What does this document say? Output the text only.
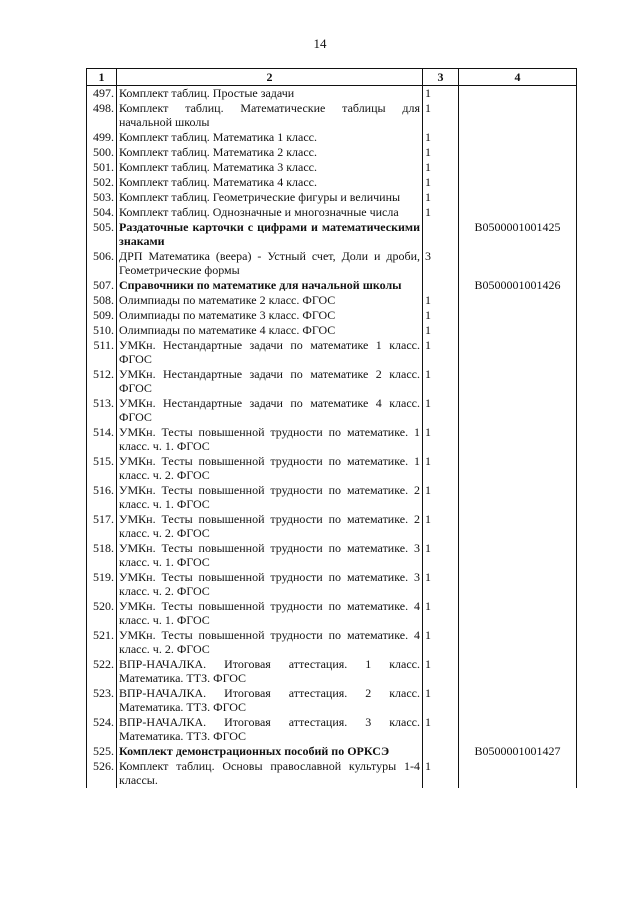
14
1	2	3	4
497.	Комплект таблиц. Простые задачи	1	
498.	Комплект таблиц. Математические таблицы для начальной школы	1	
499.	Комплект таблиц. Математика 1 класс.	1	
500.	Комплект таблиц. Математика 2 класс.	1	
501.	Комплект таблиц. Математика 3 класс.	1	
502.	Комплект таблиц. Математика 4 класс.	1	
503.	Комплект таблиц. Геометрические фигуры и величины	1	
504.	Комплект таблиц. Однозначные и многозначные числа	1	
505.	Раздаточные карточки с цифрами и математическими знаками		B0500001001425
506.	ДРП Математика (веера) - Устный счет, Доли и дроби, Геометрические формы	3	
507.	Справочники по математике для начальной школы		B0500001001426
508.	Олимпиады по математике 2 класс. ФГОС	1	
509.	Олимпиады по математике 3 класс. ФГОС	1	
510.	Олимпиады по математике 4 класс. ФГОС	1	
511.	УМКн. Нестандартные задачи по математике 1 класс. ФГОС	1	
512.	УМКн. Нестандартные задачи по математике 2 класс. ФГОС	1	
513.	УМКн. Нестандартные задачи по математике 4 класс. ФГОС	1	
514.	УМКн. Тесты повышенной трудности по математике. 1 класс. ч. 1. ФГОС	1	
515.	УМКн. Тесты повышенной трудности по математике. 1 класс. ч. 2. ФГОС	1	
516.	УМКн. Тесты повышенной трудности по математике. 2 класс. ч. 1. ФГОС	1	
517.	УМКн. Тесты повышенной трудности по математике. 2 класс. ч. 2. ФГОС	1	
518.	УМКн. Тесты повышенной трудности по математике. 3 класс. ч. 1. ФГОС	1	
519.	УМКн. Тесты повышенной трудности по математике. 3 класс. ч. 2. ФГОС	1	
520.	УМКн. Тесты повышенной трудности по математике. 4 класс. ч. 1. ФГОС	1	
521.	УМКн. Тесты повышенной трудности по математике. 4 класс. ч. 2. ФГОС	1	
522.	ВПР-НАЧАЛКА. Итоговая аттестация. 1 класс. Математика. ТТЗ. ФГОС	1	
523.	ВПР-НАЧАЛКА. Итоговая аттестация. 2 класс. Математика. ТТЗ. ФГОС	1	
524.	ВПР-НАЧАЛКА. Итоговая аттестация. 3 класс. Математика. ТТЗ. ФГОС	1	
525.	Комплект демонстрационных пособий по ОРКСЭ		B0500001001427
526.	Комплект таблиц. Основы православной культуры 1-4 классы.	1	
